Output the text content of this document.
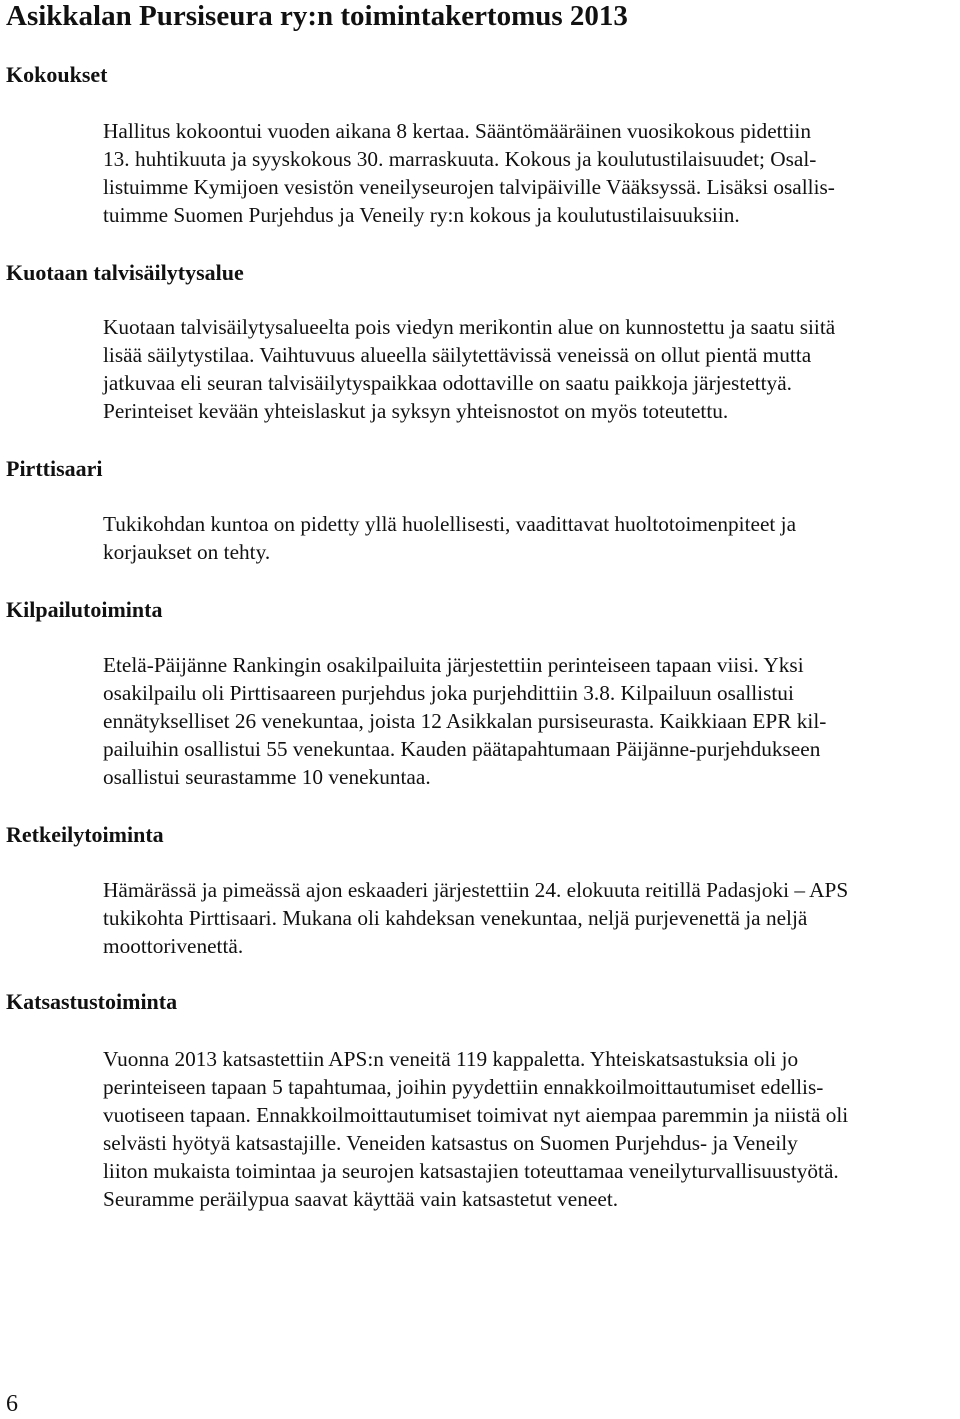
Asikkalan Pursiseura ry:n toimintakertomus 2013
Kokoukset

Hallitus kokoontui vuoden aikana 8 kertaa. Sääntömääräinen vuosikokous pidettiin
13. huhtikuuta ja syyskokous 30. marraskuuta. Kokous ja koulutustilaisuudet; Osal-
listuimme Kymijoen vesistön veneilyseurojen talvipäiville Vääksyssä. Lisäksi osallis-
tuimme Suomen Purjehdus ja Veneily ry:n kokous ja koulutustilaisuuksiin.

Kuotaan talvisäilytysalue

Kuotaan talvisäilytysalueelta pois viedyn merikontin alue on kunnostettu ja saatu siitä
lisää säilytystilaa. Vaihtuvuus alueella säilytettävissä veneissä on ollut pientä mutta
jatkuvaa eli seuran talvisäilytyspaikkaa odottaville on saatu paikkoja järjestettyä.
Perinteiset kevään yhteislaskut ja syksyn yhteisnostot on myös toteutettu.

Pirttisaari

Tukikohdan kuntoa on pidetty yllä huolellisesti, vaadittavat huoltotoimenpiteet ja
korjaukset on tehty.

Kilpailutoiminta

Etelä-Päijänne Rankingin osakilpailuita järjestettiin perinteiseen tapaan viisi. Yksi
osakilpailu oli Pirttisaareen purjehdus joka purjehdittiin 3.8. Kilpailuun osallistui
ennätykselliset 26 venekuntaa, joista 12 Asikkalan pursiseurasta. Kaikkiaan EPR kil-
pailuihin osallistui 55 venekuntaa. Kauden päätapahtumaan Päijänne-purjehdukseen
osallistui seurastamme 10 venekuntaa.

Retkeilytoiminta

Hämärässä ja pimeässä ajon eskaaderi järjestettiin 24. elokuuta reitillä Padasjoki – APS
tukikohta Pirttisaari. Mukana oli kahdeksan venekuntaa, neljä purjevenettä ja neljä
moottorivenettä.

Katsastustoiminta

Vuonna 2013 katsastettiin APS:n veneitä 119 kappaletta. Yhteiskatsastuksia oli jo
perinteiseen tapaan 5 tapahtumaa, joihin pyydettiin ennakkoilmoittautumiset edellis-
vuotiseen tapaan. Ennakkoilmoittautumiset toimivat nyt aiempaa paremmin ja niistä oli
selvästi hyötyä katsastajille. Veneiden katsastus on Suomen Purjehdus- ja Veneily
liiton mukaista toimintaa ja seurojen katsastajien toteuttamaa veneilyturvallisuustyötä.
Seuramme peräilypua saavat käyttää vain katsastetut veneet.

6
